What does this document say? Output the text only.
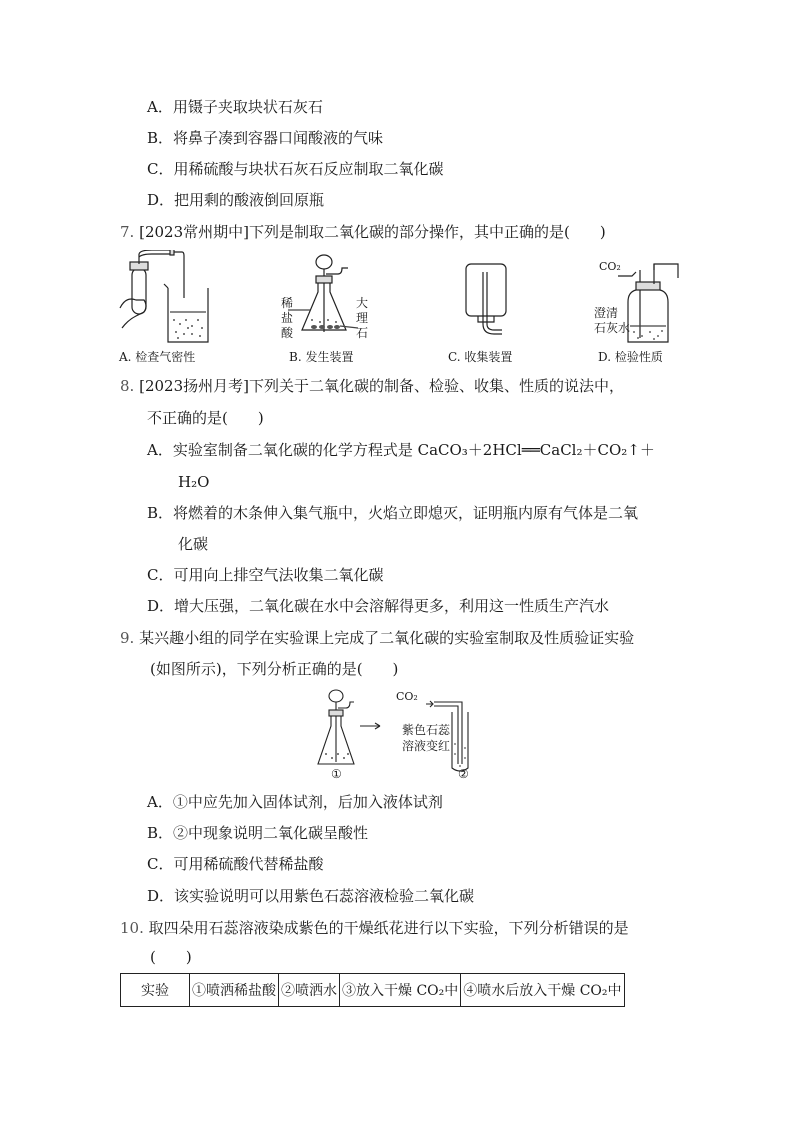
A．用镊子夹取块状石灰石
B．将鼻子凑到容器口闻酸液的气味
C．用稀硫酸与块状石灰石反应制取二氧化碳
D．把用剩的酸液倒回原瓶
7. [2023常州期中]下列是制取二氧化碳的部分操作，其中正确的是(　　)
A. 检查气密性
稀
盐
酸
大
理
石
B. 发生装置	C. 收集装置
CO₂
澄清
石灰水
D. 检验性质
8. [2023扬州月考]下列关于二氧化碳的制备、检验、收集、性质的说法中，
不正确的是(　　)
A．实验室制备二氧化碳的化学方程式是 CaCO₃＋2HCl══CaCl₂＋CO₂↑＋
H₂O
B．将燃着的木条伸入集气瓶中，火焰立即熄灭，证明瓶内原有气体是二氧
化碳
C．可用向上排空气法收集二氧化碳
D．增大压强，二氧化碳在水中会溶解得更多，利用这一性质生产汽水
9. 某兴趣小组的同学在实验课上完成了二氧化碳的实验室制取及性质验证实验
(如图所示)，下列分析正确的是(　　)
CO₂
紫色石蕊
溶液变红
①	②
A．①中应先加入固体试剂，后加入液体试剂
B．②中现象说明二氧化碳呈酸性
C．可用稀硫酸代替稀盐酸
D．该实验说明可以用紫色石蕊溶液检验二氧化碳
10. 取四朵用石蕊溶液染成紫色的干燥纸花进行以下实验，下列分析错误的是
(　　)
实验	①喷洒稀盐酸	②喷洒水	③放入干燥 CO₂中	④喷水后放入干燥 CO₂中
